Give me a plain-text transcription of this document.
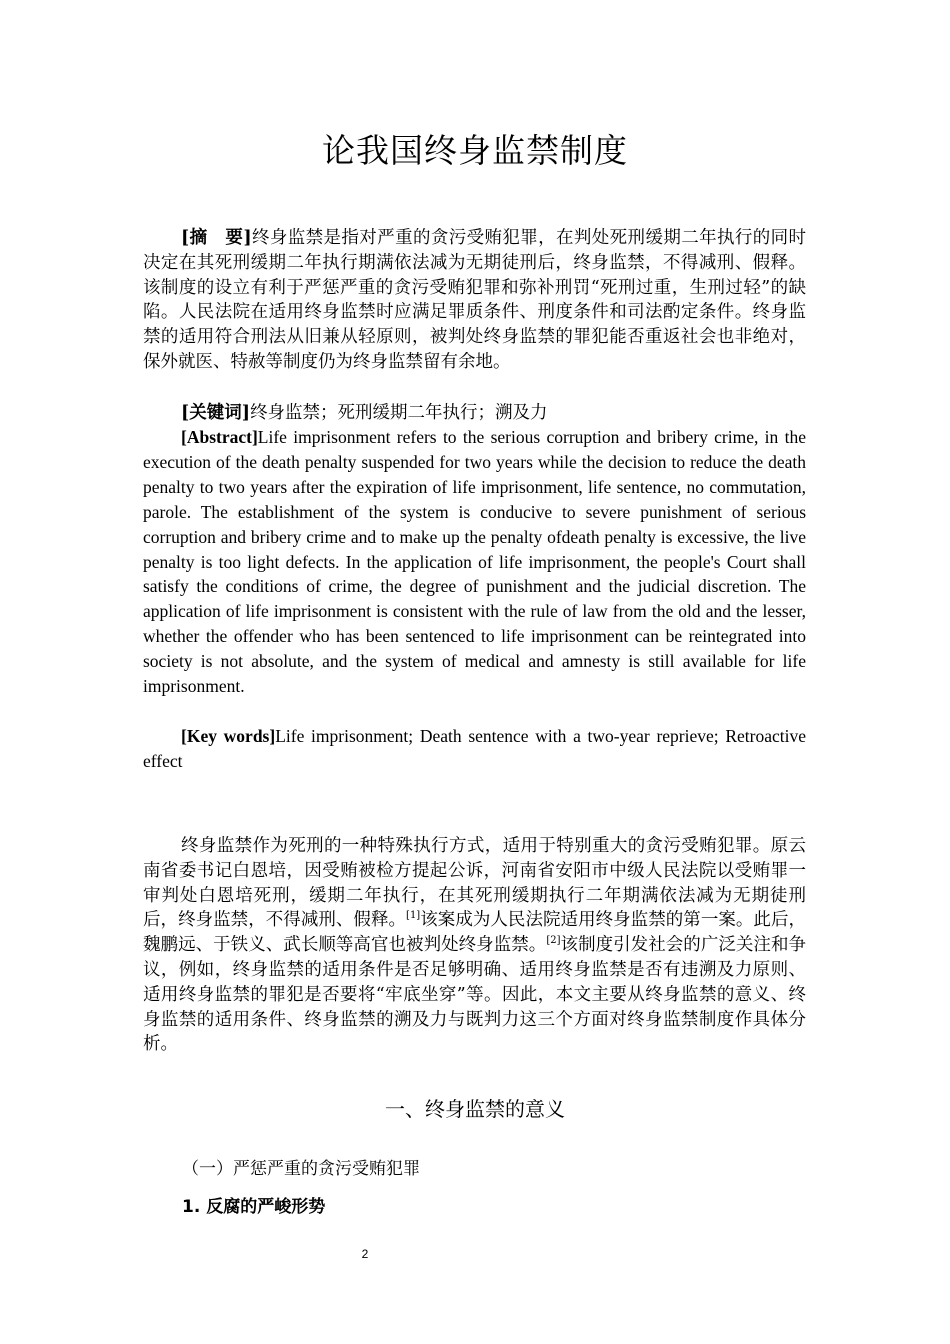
论我国终身监禁制度
[摘　要]终身监禁是指对严重的贪污受贿犯罪，在判处死刑缓期二年执行的同时决定在其死刑缓期二年执行期满依法减为无期徒刑后，终身监禁，不得减刑、假释。该制度的设立有利于严惩严重的贪污受贿犯罪和弥补刑罚“死刑过重，生刑过轻”的缺陷。人民法院在适用终身监禁时应满足罪质条件、刑度条件和司法酌定条件。终身监禁的适用符合刑法从旧兼从轻原则，被判处终身监禁的罪犯能否重返社会也非绝对，保外就医、特赦等制度仍为终身监禁留有余地。
[关键词]终身监禁；死刑缓期二年执行；溯及力
[Abstract]Life imprisonment refers to the serious corruption and bribery crime, in the execution of the death penalty suspended for two years while the decision to reduce the death penalty to two years after the expiration of life imprisonment, life sentence, no commutation, parole. The establishment of the system is conducive to severe punishment of serious corruption and bribery crime and to make up the penalty ofdeath penalty is excessive, the live penalty is too light defects. In the application of life imprisonment, the people's Court shall satisfy the conditions of crime, the degree of punishment and the judicial discretion. The application of life imprisonment is consistent with the rule of law from the old and the lesser, whether the offender who has been sentenced to life imprisonment can be reintegrated into society is not absolute, and the system of medical and amnesty is still available for life imprisonment.
[Key words]Life imprisonment; Death sentence with a two-year reprieve; Retroactive effect
终身监禁作为死刑的一种特殊执行方式，适用于特别重大的贪污受贿犯罪。原云南省委书记白恩培，因受贿被检方提起公诉，河南省安阳市中级人民法院以受贿罪一审判处白恩培死刑，缓期二年执行，在其死刑缓期执行二年期满依法减为无期徒刑后，终身监禁，不得减刑、假释。[1]该案成为人民法院适用终身监禁的第一案。此后，魏鹏远、于铁义、武长顺等高官也被判处终身监禁。[2]该制度引发社会的广泛关注和争议，例如，终身监禁的适用条件是否足够明确、适用终身监禁是否有违溯及力原则、适用终身监禁的罪犯是否要将“牢底坐穿”等。因此，本文主要从终身监禁的意义、终身监禁的适用条件、终身监禁的溯及力与既判力这三个方面对终身监禁制度作具体分析。
一、终身监禁的意义
（一）严惩严重的贪污受贿犯罪
1. 反腐的严峻形势
2
